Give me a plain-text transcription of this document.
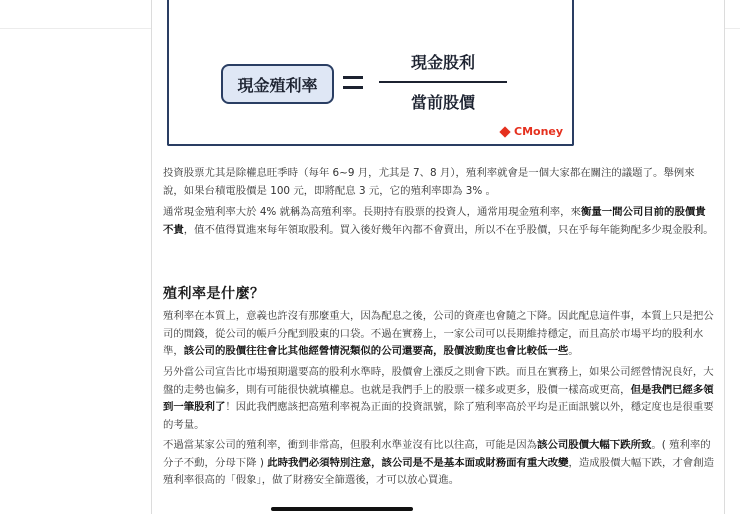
現金殖利率
現金股利
當前股價
CMoney

投資股票尤其是除權息旺季時（每年 6~9 月，尤其是 7、8 月），殖利率就會是一個大家都在關注的議題了。舉例來說，如果台積電股價是 100 元，即將配息 3 元，它的殖利率即為 3% 。

通常現金殖利率大於 4% 就稱為高殖利率。長期持有股票的投資人，通常用現金殖利率，來衡量一間公司目前的股價貴不貴，值不值得買進來每年領取股利。買入後好幾年內都不會賣出，所以不在乎股價，只在乎每年能夠配多少現金股利。

殖利率是什麼？

殖利率在本質上，意義也許沒有那麼重大，因為配息之後，公司的資產也會隨之下降。因此配息這件事，本質上只是把公司的閒錢，從公司的帳戶分配到股東的口袋。不過在實務上，一家公司可以長期維持穩定，而且高於市場平均的股利水準，該公司的股價往往會比其他經營情況類似的公司還要高，股價波動度也會比較低一些。

另外當公司宣告比市場預期還要高的股利水準時，股價會上漲反之則會下跌。而且在實務上，如果公司經營情況良好，大盤的走勢也偏多，則有可能很快就填權息。也就是我們手上的股票一樣多或更多，股價一樣高或更高，但是我們已經多領到一筆股利了！因此我們應該把高殖利率視為正面的投資訊號，除了殖利率高於平均是正面訊號以外，穩定度也是很重要的考量。

不過當某家公司的殖利率，衝到非常高，但股利水準並沒有比以往高，可能是因為該公司股價大幅下跌所致。( 殖利率的分子不動，分母下降 ) 此時我們必須特別注意，該公司是不是基本面或財務面有重大改變，造成股價大幅下跌，才會創造殖利率很高的「假象」，做了財務安全篩選後，才可以放心買進。
